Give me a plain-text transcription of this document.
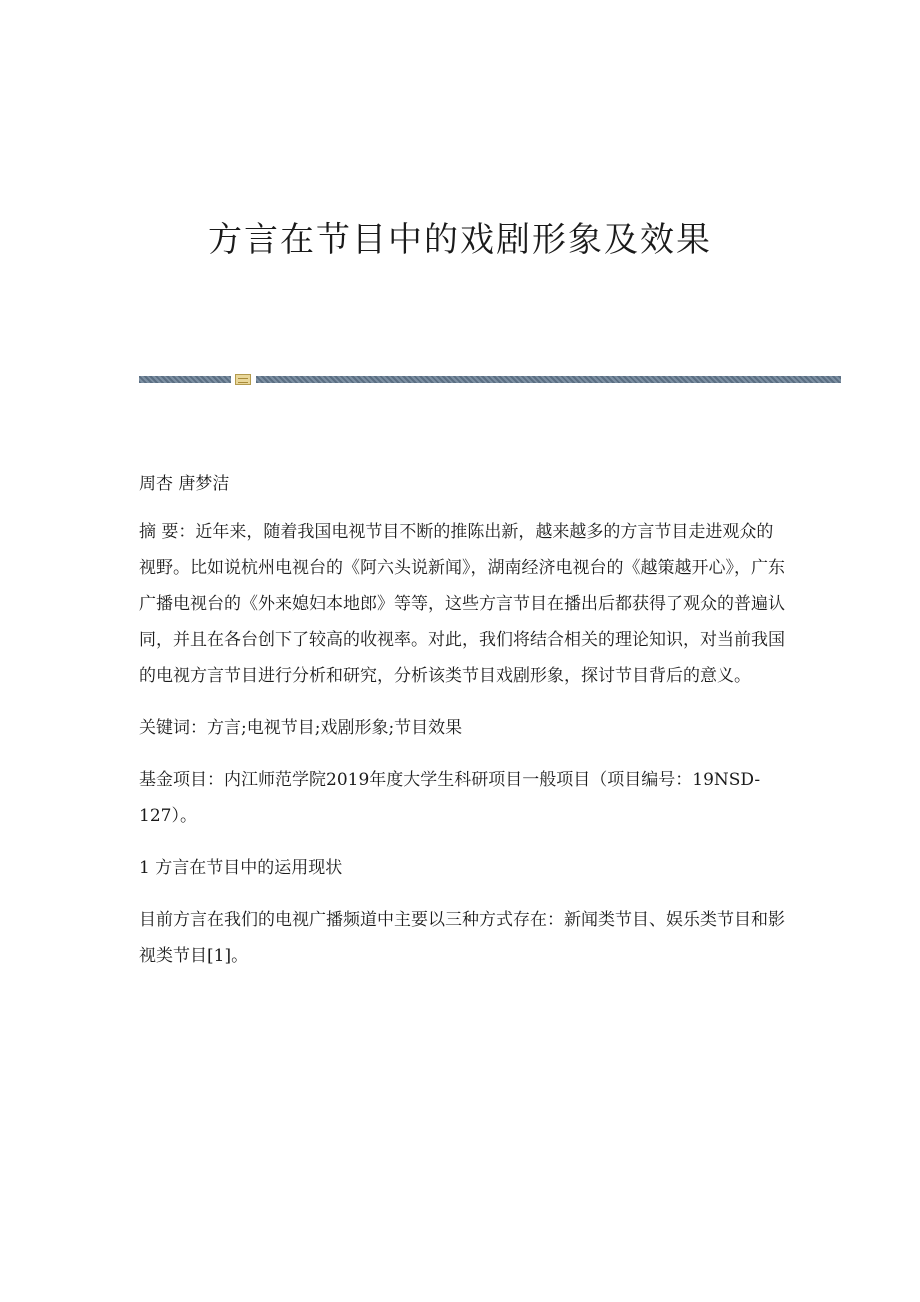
方言在节目中的戏剧形象及效果

周杏 唐梦洁

摘 要：近年来，随着我国电视节目不断的推陈出新，越来越多的方言节目走进观众的视野。比如说杭州电视台的《阿六头说新闻》，湖南经济电视台的《越策越开心》，广东广播电视台的《外来媳妇本地郎》等等，这些方言节目在播出后都获得了观众的普遍认同，并且在各台创下了较高的收视率。对此，我们将结合相关的理论知识，对当前我国的电视方言节目进行分析和研究，分析该类节目戏剧形象，探讨节目背后的意义。

关键词：方言;电视节目;戏剧形象;节目效果

基金项目：内江师范学院2019年度大学生科研项目一般项目（项目编号：19NSD-127）。

1 方言在节目中的运用现状

目前方言在我们的电视广播频道中主要以三种方式存在：新闻类节目、娱乐类节目和影视类节目[1]。
